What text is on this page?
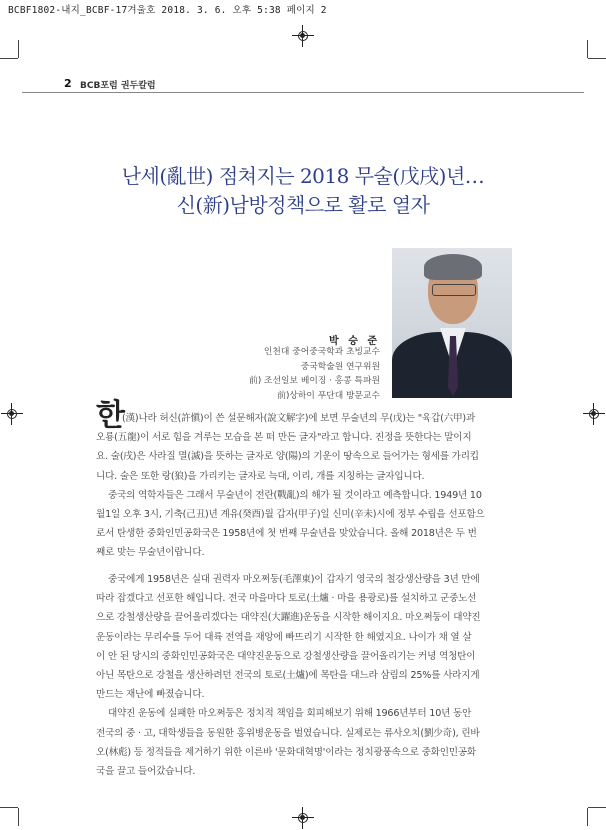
BCBF1802-내지_BCBF-17겨울호 2018. 3. 6. 오후 5:38 페이지 2
2 BCB포럼 권두칼럼
난세(亂世) 점쳐지는 2018 무술(戊戌)년…
신(新)남방정책으로 활로 열자
박 승 준
인천대 중어중국학과 초빙교수
중국학술원 연구위원
前) 조선일보 베이징 · 홍콩 특파원
前)상하이 푸단대 방문교수
한
(漢)나라 허신(許愼)이 쓴 설문해자(說文解字)에 보면 무술년의 무(戊)는 "육갑(六甲)과
오룡(五龍)이 서로 힘을 겨루는 모습을 본 떠 만든 글자"라고 합니다. 진정을 뜻한다는 말이지
요. 술(戌)은 사라질 멸(滅)을 뜻하는 글자로 양(陽)의 기운이 땅속으로 들어가는 형세를 가리킵
니다. 술은 또한 랑(狼)을 가리키는 글자로 늑대, 이리, 개를 지칭하는 글자입니다.
중국의 역학자들은 그래서 무술년이 전란(戰亂)의 해가 될 것이라고 예측합니다. 1949년 10
월1일 오후 3시, 기축(己丑)년 계유(癸酉)월 갑자(甲子)일 신미(辛未)시에 정부 수립을 선포함으
로서 탄생한 중화인민공화국은 1958년에 첫 번째 무술년을 맞았습니다. 올해 2018년은 두 번
째로 맞는 무술년이랍니다.
중국에게 1958년은 실대 권력자 마오쩌둥(毛澤東)이 갑자기 영국의 철강생산량을 3년 만에
따라 잡겠다고 선포한 해입니다. 전국 마을마다 토로(土爐 · 마을 용광로)를 설치하고 군중노선
으로 강철생산량을 끌어올리겠다는 대약진(大躍進)운동을 시작한 해이지요. 마오쩌둥이 대약진
운동이라는 무리수를 두어 대륙 전역을 재앙에 빠뜨리기 시작한 한 해였지요. 나이가 채 열 살
이 안 된 당시의 중화인민공화국은 대약진운동으로 강철생산량을 끌어올리기는 커녕 역청탄이
아닌 목탄으로 강철을 생산하려던 전국의 토로(土爐)에 목탄을 대느라 삼림의 25%를 사라지게
만드는 재난에 빠졌습니다.
대약진 운동에 실패한 마오쩌둥은 정치적 책임을 회피해보기 위해 1966년부터 10년 동안
전국의 중 · 고, 대학생들을 동원한 홍위병운동을 벌였습니다. 실제로는 류사오치(劉少奇), 린바
오(林彪) 등 정적들을 제거하기 위한 이른바 '문화대혁명'이라는 정치광풍속으로 중화인민공화
국을 끌고 들어갔습니다.
